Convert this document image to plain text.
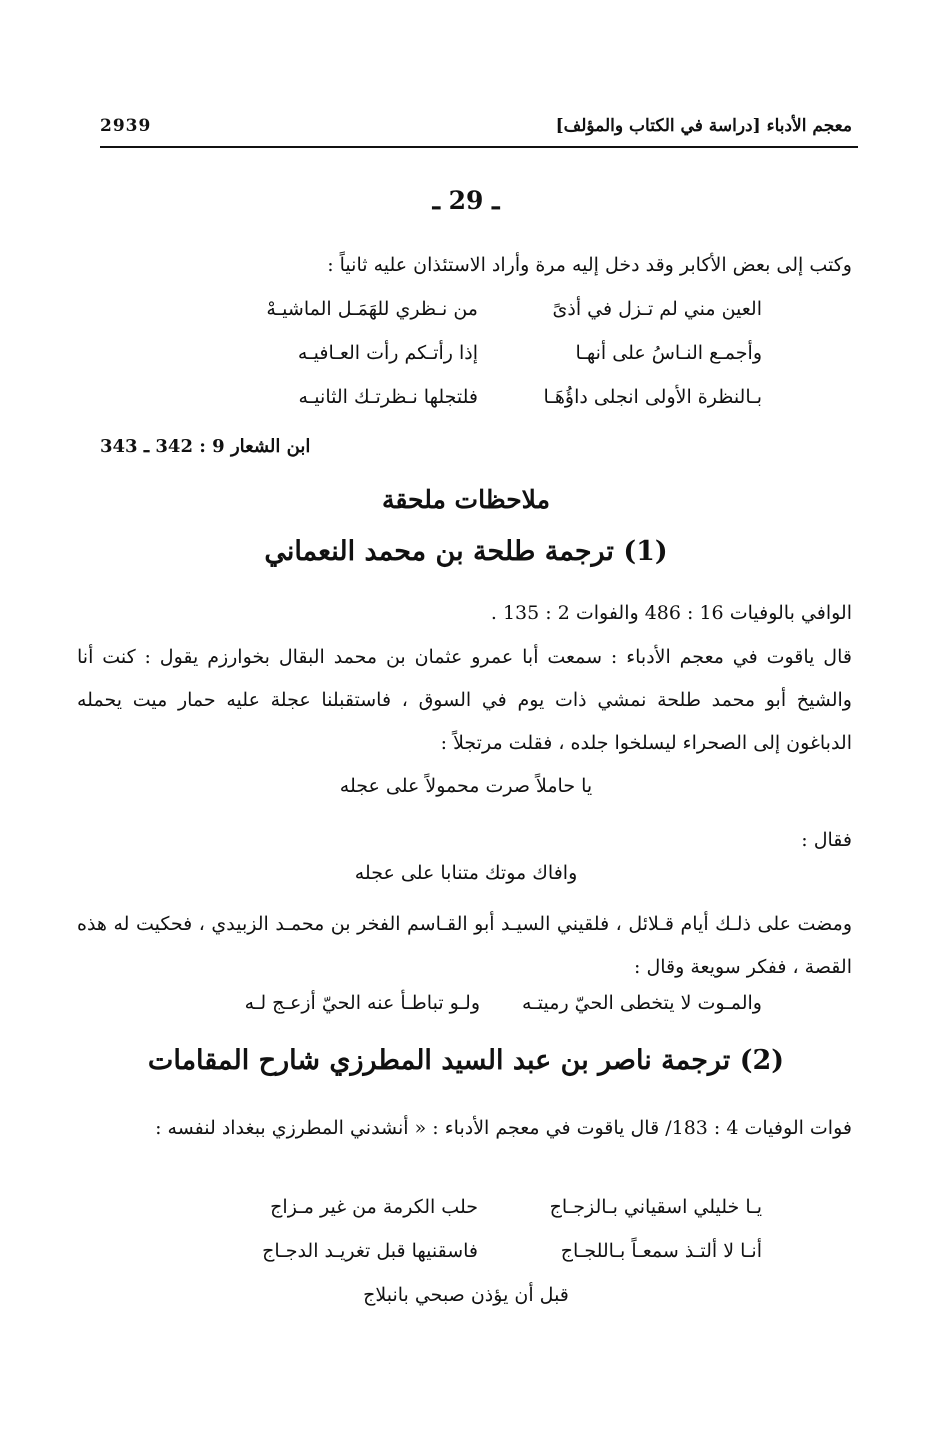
معجم الأدباء [دراسة في الكتاب والمؤلف]
2939
ـ 29 ـ
وكتب إلى بعض الأكابر وقد دخل إليه مرة وأراد الاستئذان عليه ثانياً :
العين مني لم تـزل في أذىً
من نـظري للهَمَـل الماشيـهْ
وأجمـع النـاسُ على أنهـا
إذا رأتـكم رأت العـافيـه
بـالنظرة الأولى انجلى داؤُهَـا
فلتجلها نـظرتـك الثانيـه
ابن الشعار 9 : 342 ـ 343
ملاحظات ملحقة
(1) ترجمة طلحة بن محمد النعماني
الوافي بالوفيات 16 : 486 والفوات 2 : 135 .
قال ياقوت في معجم الأدباء : سمعت أبا عمرو عثمان بن محمد البقال بخوارزم يقول : كنت أنا والشيخ أبو محمد طلحة نمشي ذات يوم في السوق ، فاستقبلنا عجلة عليه حمار ميت يحمله الدباغون إلى الصحراء ليسلخوا جلده ، فقلت مرتجلاً :
يا حاملاً صرت محمولاً على عجله
فقال :
وافاك موتك متنابا على عجله
ومضت على ذلـك أيام قـلائل ، فلقيني السيـد أبو القـاسم الفخر بن محمـد الزبيدي ، فحكيت له هذه القصة ، ففكر سويعة وقال :
والمـوت لا يتخطى الحيّ رميتـه
ولـو تباطـأ عنه الحيّ أزعـج لـه
(2) ترجمة ناصر بن عبد السيد المطرزي شارح المقامات
فوات الوفيات 4 : 183/ قال ياقوت في معجم الأدباء : « أنشدني المطرزي ببغداد لنفسه :
يـا خليلي اسقياني بـالزجـاج
حلب الكرمة من غير مـزاج
أنـا لا ألتـذ سمعـاً بـاللجـاج
فاسقنيها قبل تغريـد الدجـاج
قبل أن يؤذن صبحي بانبلاج
